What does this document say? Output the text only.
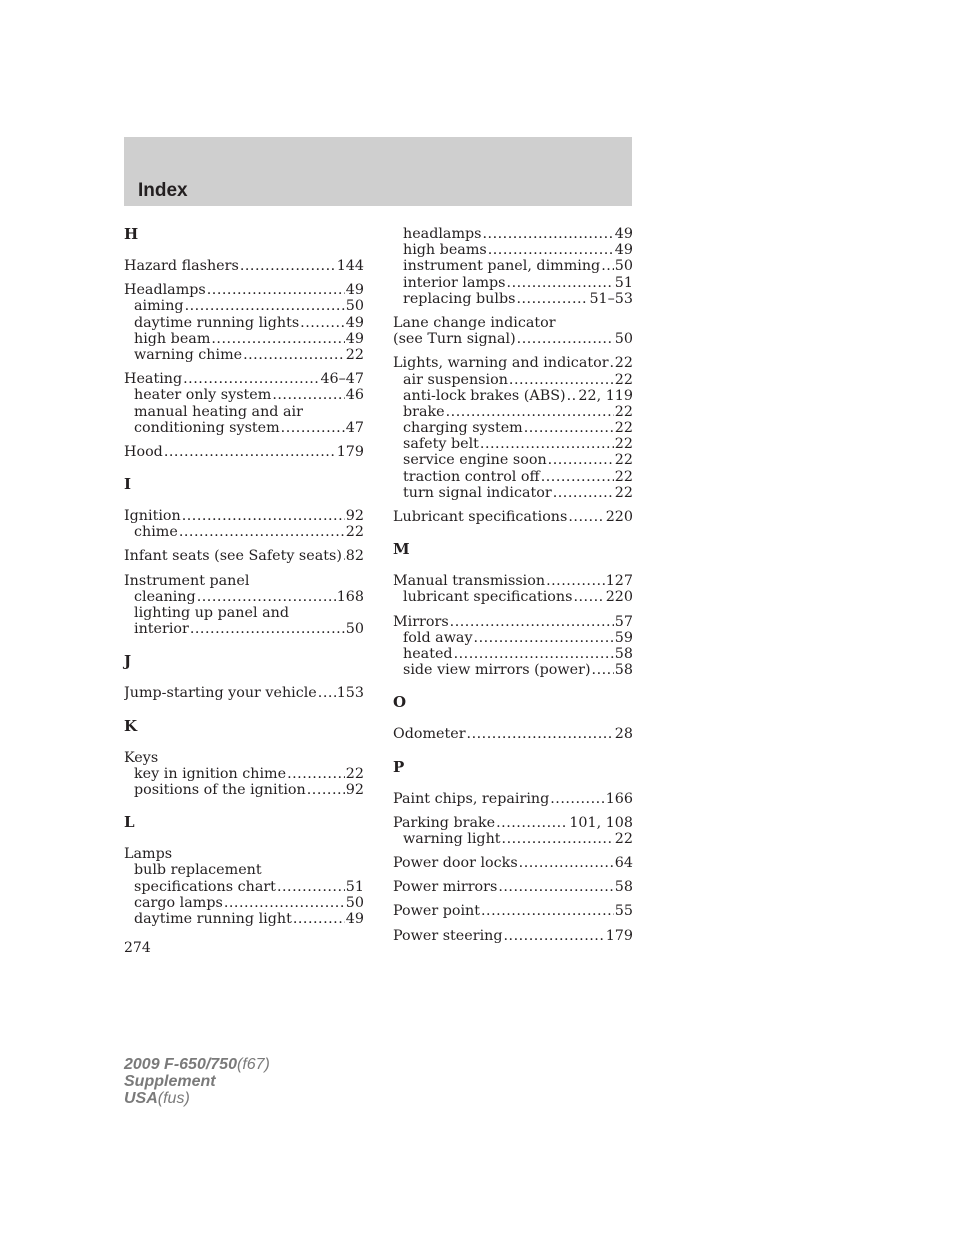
Index
H
Hazard flashers .....	144
Headlamps .....	49
aiming .....	50
daytime running lights .....	49
high beam .....	49
warning chime .....	22
Heating .....	46–47
heater only system .....	46
manual heating and air
conditioning system .....	47
Hood .....	179
I
Ignition .....	92
chime .....	22
Infant seats (see Safety seats) ..... 82
Instrument panel
cleaning .....	168
lighting up panel and
interior .....	50
J
Jump-starting your vehicle ..... 153
K
Keys
key in ignition chime .....	22
positions of the ignition .....	92
L
Lamps
bulb replacement
specifications chart .....	51
cargo lamps .....	50
daytime running light .....	49
headlamps .....	49
high beams .....	49
instrument panel, dimming ..... 50
interior lamps .....	51
replacing bulbs .....	51–53
Lane change indicator
(see Turn signal) .....	50
Lights, warning and indicator ..... 22
air suspension .....	22
anti-lock brakes (ABS) ..... 22, 119
brake .....	22
charging system .....	22
safety belt .....	22
service engine soon .....	22
traction control off .....	22
turn signal indicator .....	22
Lubricant specifications .....	220
M
Manual transmission .....	127
lubricant specifications ..... 220
Mirrors .....	57
fold away .....	59
heated .....	58
side view mirrors (power) ..... 58
O
Odometer .....	28
P
Paint chips, repairing .....	166
Parking brake .....	101, 108
warning light .....	22
Power door locks .....	64
Power mirrors .....	58
Power point .....	55
Power steering .....	179
274
2009 F-650/750(f67)
Supplement
USA(fus)
